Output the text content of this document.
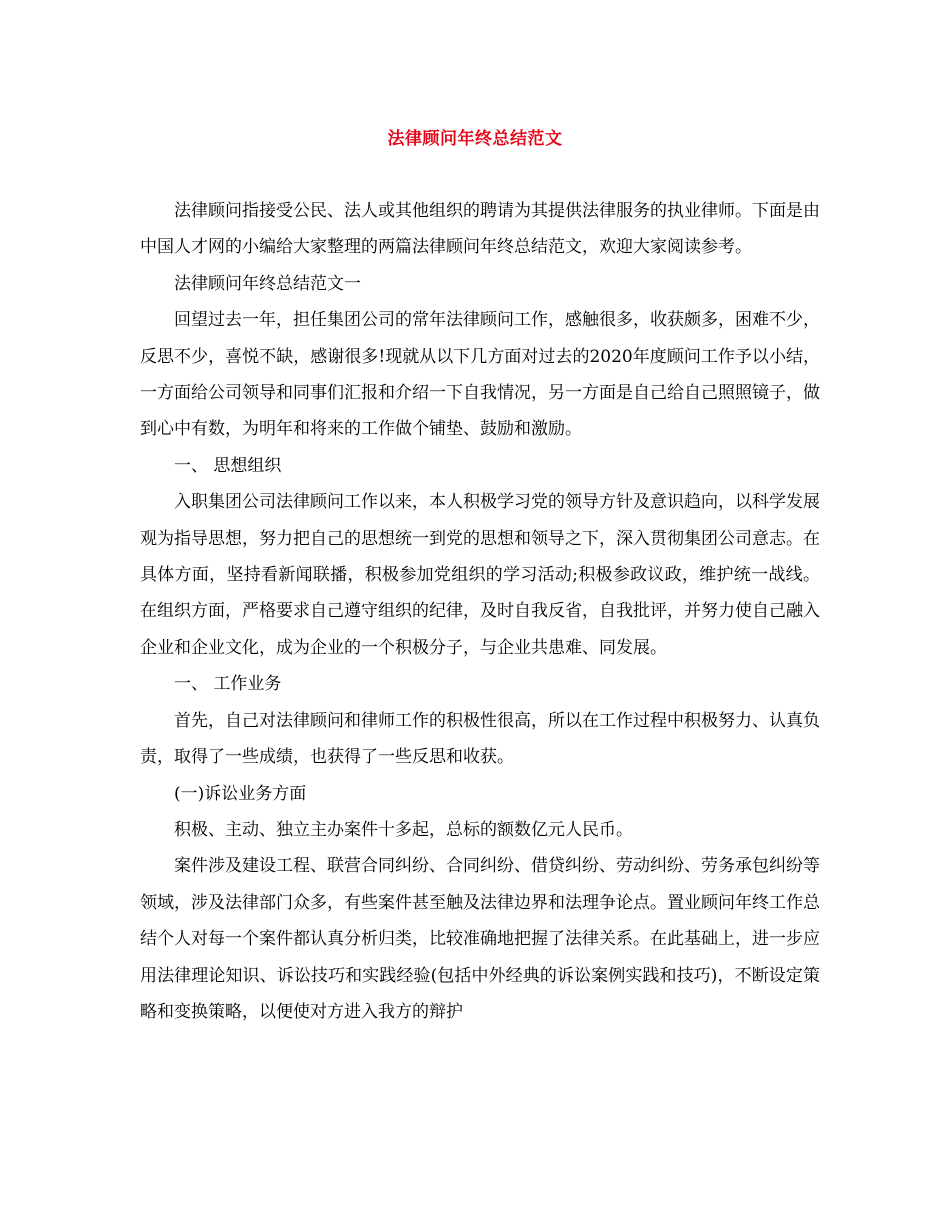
法律顾问年终总结范文

法律顾问指接受公民、法人或其他组织的聘请为其提供法律服务的执业律师。下面是由中国人才网的小编给大家整理的两篇法律顾问年终总结范文，欢迎大家阅读参考。

法律顾问年终总结范文一

回望过去一年，担任集团公司的常年法律顾问工作，感触很多，收获颇多，困难不少，反思不少，喜悦不缺，感谢很多!现就从以下几方面对过去的2020年度顾问工作予以小结，一方面给公司领导和同事们汇报和介绍一下自我情况，另一方面是自己给自己照照镜子，做到心中有数，为明年和将来的工作做个铺垫、鼓励和激励。

一、 思想组织

入职集团公司法律顾问工作以来，本人积极学习党的领导方针及意识趋向，以科学发展观为指导思想，努力把自己的思想统一到党的思想和领导之下，深入贯彻集团公司意志。在具体方面，坚持看新闻联播，积极参加党组织的学习活动;积极参政议政，维护统一战线。在组织方面，严格要求自己遵守组织的纪律，及时自我反省，自我批评，并努力使自己融入企业和企业文化，成为企业的一个积极分子，与企业共患难、同发展。

一、 工作业务

首先，自己对法律顾问和律师工作的积极性很高，所以在工作过程中积极努力、认真负责，取得了一些成绩，也获得了一些反思和收获。

(一)诉讼业务方面

积极、主动、独立主办案件十多起，总标的额数亿元人民币。

案件涉及建设工程、联营合同纠纷、合同纠纷、借贷纠纷、劳动纠纷、劳务承包纠纷等领域，涉及法律部门众多，有些案件甚至触及法律边界和法理争论点。置业顾问年终工作总结个人对每一个案件都认真分析归类，比较准确地把握了法律关系。在此基础上，进一步应用法律理论知识、诉讼技巧和实践经验(包括中外经典的诉讼案例实践和技巧)，不断设定策略和变换策略，以便使对方进入我方的辩护
